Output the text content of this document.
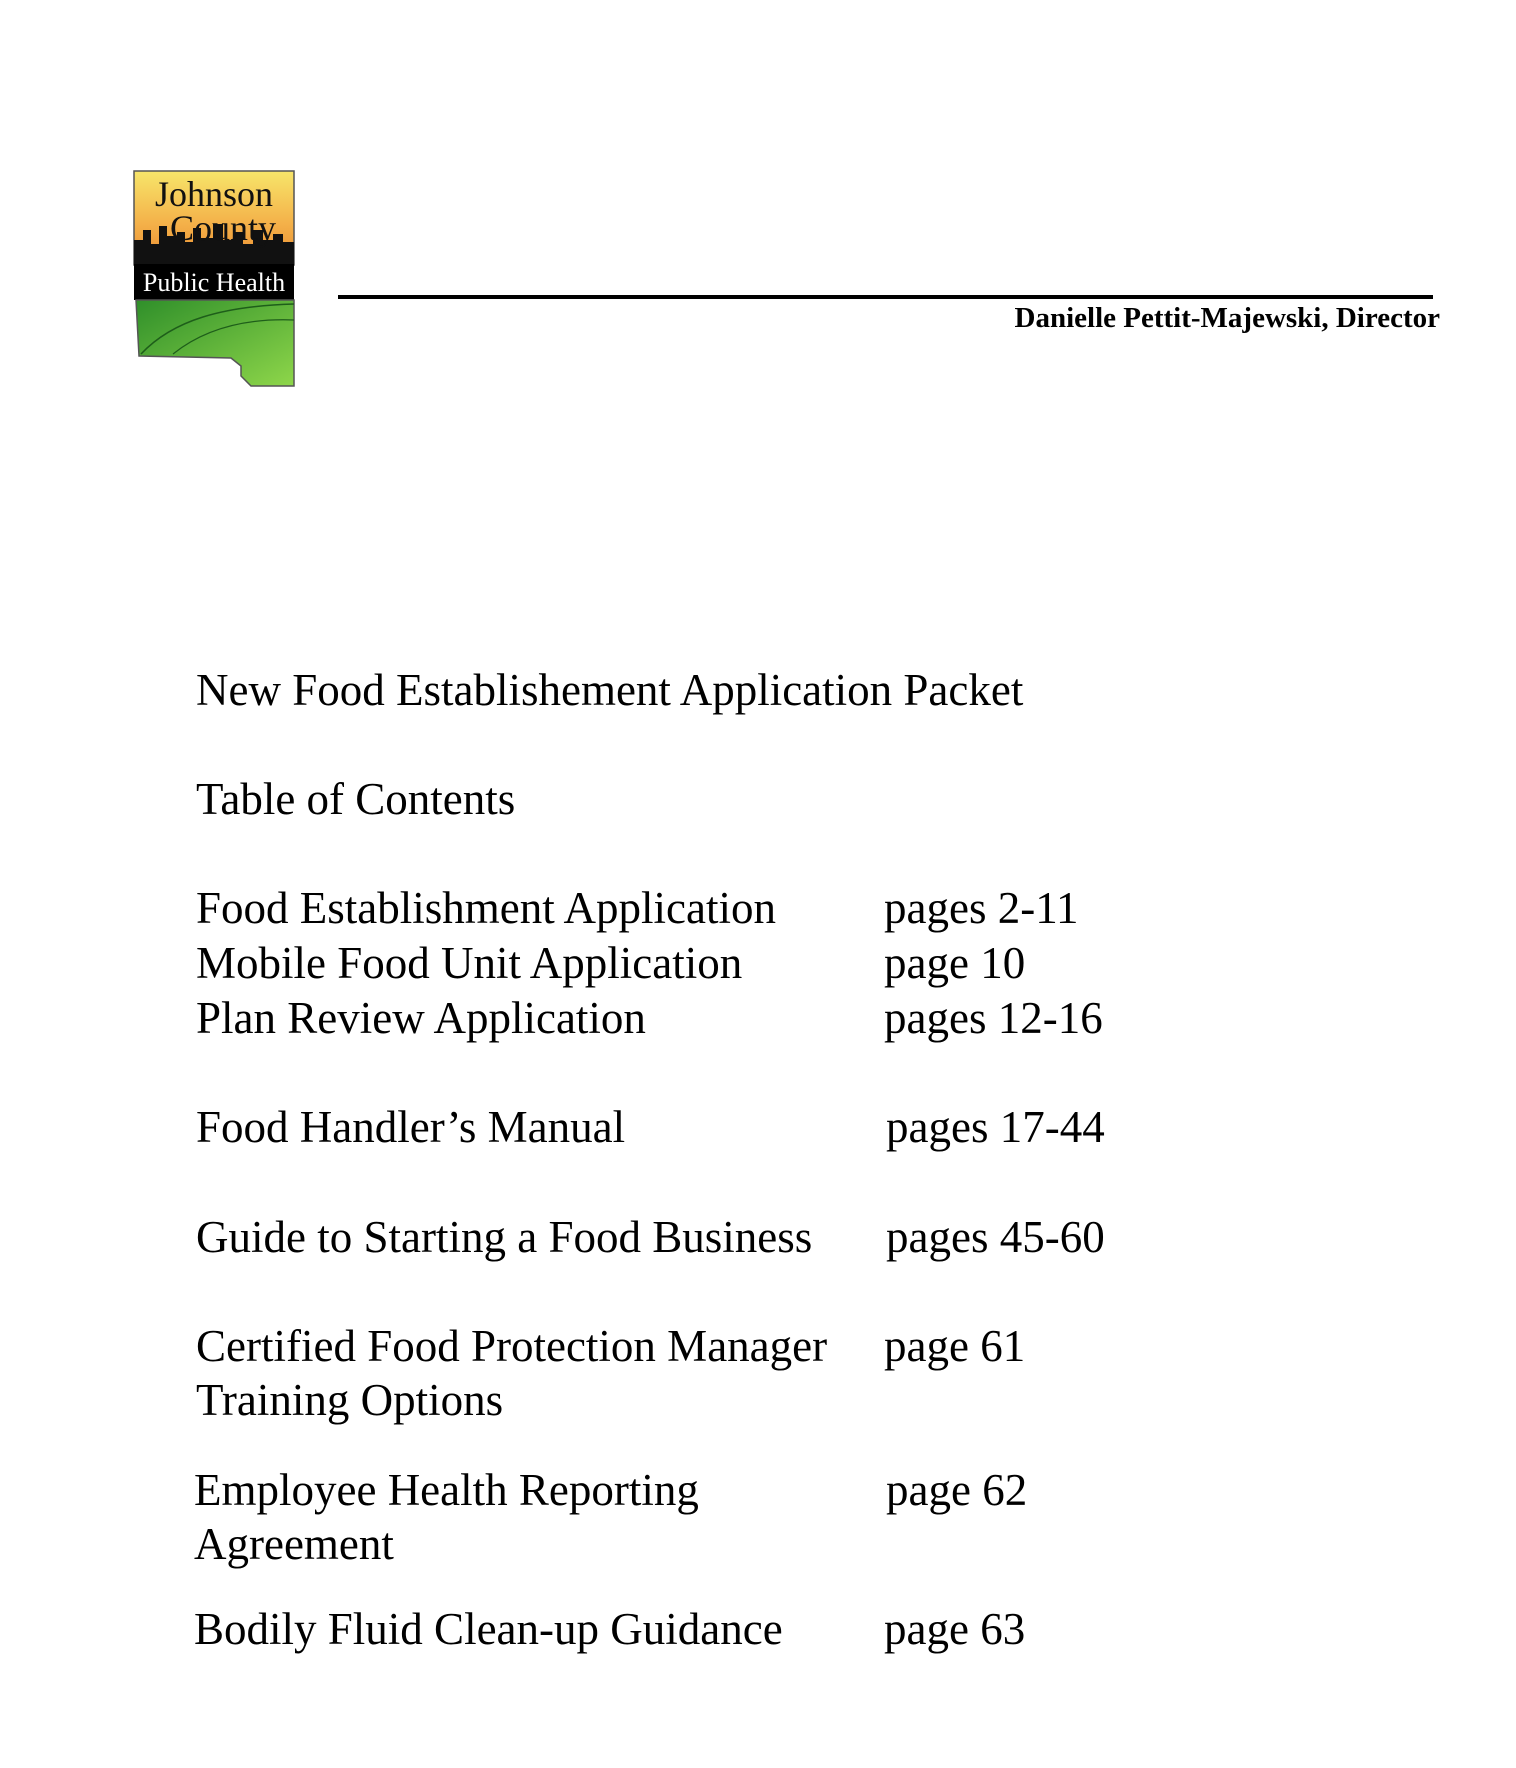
Johnson
County
Public Health
Danielle Pettit-Majewski, Director
New Food Establishement Application Packet
Table of Contents
Food Establishment Application pages 2-11
Mobile Food Unit Application	page 10
Plan Review Application	pages 12-16
Food Handler’s Manual	pages 17-44
Guide to Starting a Food Business pages 45-60
Certified Food Protection Manager
Training Options
page 61
Employee Health Reporting
Agreement
page 62
Bodily Fluid Clean-up Guidance page 63
